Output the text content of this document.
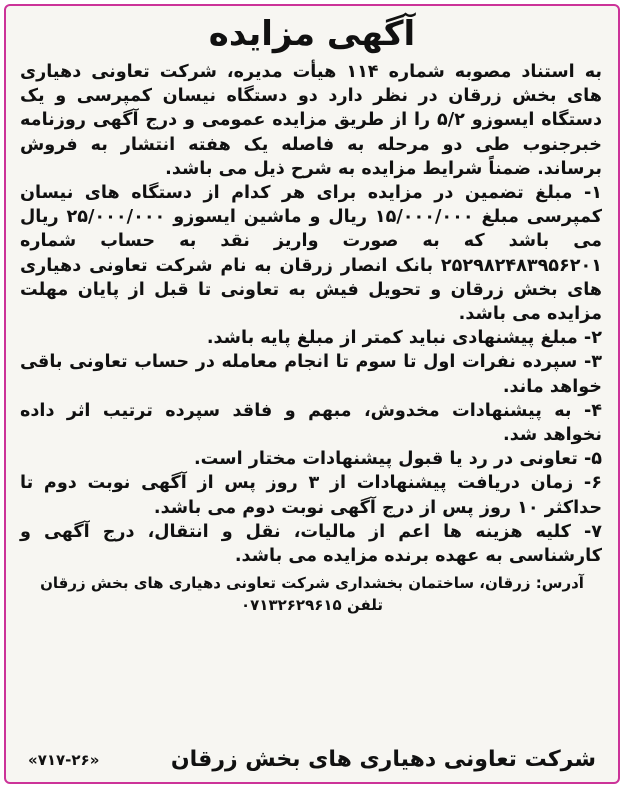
آگهی مزایده

به استناد مصوبه شماره ۱۱۴ هیأت مدیره، شرکت تعاونی دهیاری های بخش زرقان در نظر دارد دو دستگاه نیسان کمپرسی و یک دستگاه ایسوزو ۵/۲ را از طریق مزایده عمومی و درج آگهی روزنامه خبرجنوب طی دو مرحله به فاصله یک هفته انتشار به فروش برساند. ضمناً شرایط مزایده به شرح ذیل می باشد.

۱- مبلغ تضمین در مزایده برای هر کدام از دستگاه های نیسان کمپرسی مبلغ ۱۵/۰۰۰/۰۰۰ ریال و ماشین ایسوزو ۲۵/۰۰۰/۰۰۰ ریال می باشد که به صورت واریز نقد به حساب شماره ۲۵۲۹۸۲۴۸۳۹۵۶۲۰۱ بانک انصار زرقان به نام شرکت تعاونی دهیاری های بخش زرقان و تحویل فیش به تعاونی تا قبل از پایان مهلت مزایده می باشد.

۲- مبلغ پیشنهادی نباید کمتر از مبلغ پایه باشد.

۳- سپرده نفرات اول تا سوم تا انجام معامله در حساب تعاونی باقی خواهد ماند.

۴- به پیشنهادات مخدوش، مبهم و فاقد سپرده ترتیب اثر داده نخواهد شد.

۵- تعاونی در رد یا قبول پیشنهادات مختار است.

۶- زمان دریافت پیشنهادات از ۳ روز پس از آگهی نوبت دوم تا حداکثر ۱۰ روز پس از درج آگهی نوبت دوم می باشد.

۷- کلیه هزینه ها اعم از مالیات، نقل و انتقال، درج آگهی و کارشناسی به عهده برنده مزایده می باشد.

آدرس: زرقان، ساختمان بخشداری شرکت تعاونی دهیاری های بخش زرقان
تلفن ۰۷۱۳۲۶۲۹۶۱۵
شرکت تعاونی دهیاری های بخش زرقان
«۷۱۷-۲۶»
